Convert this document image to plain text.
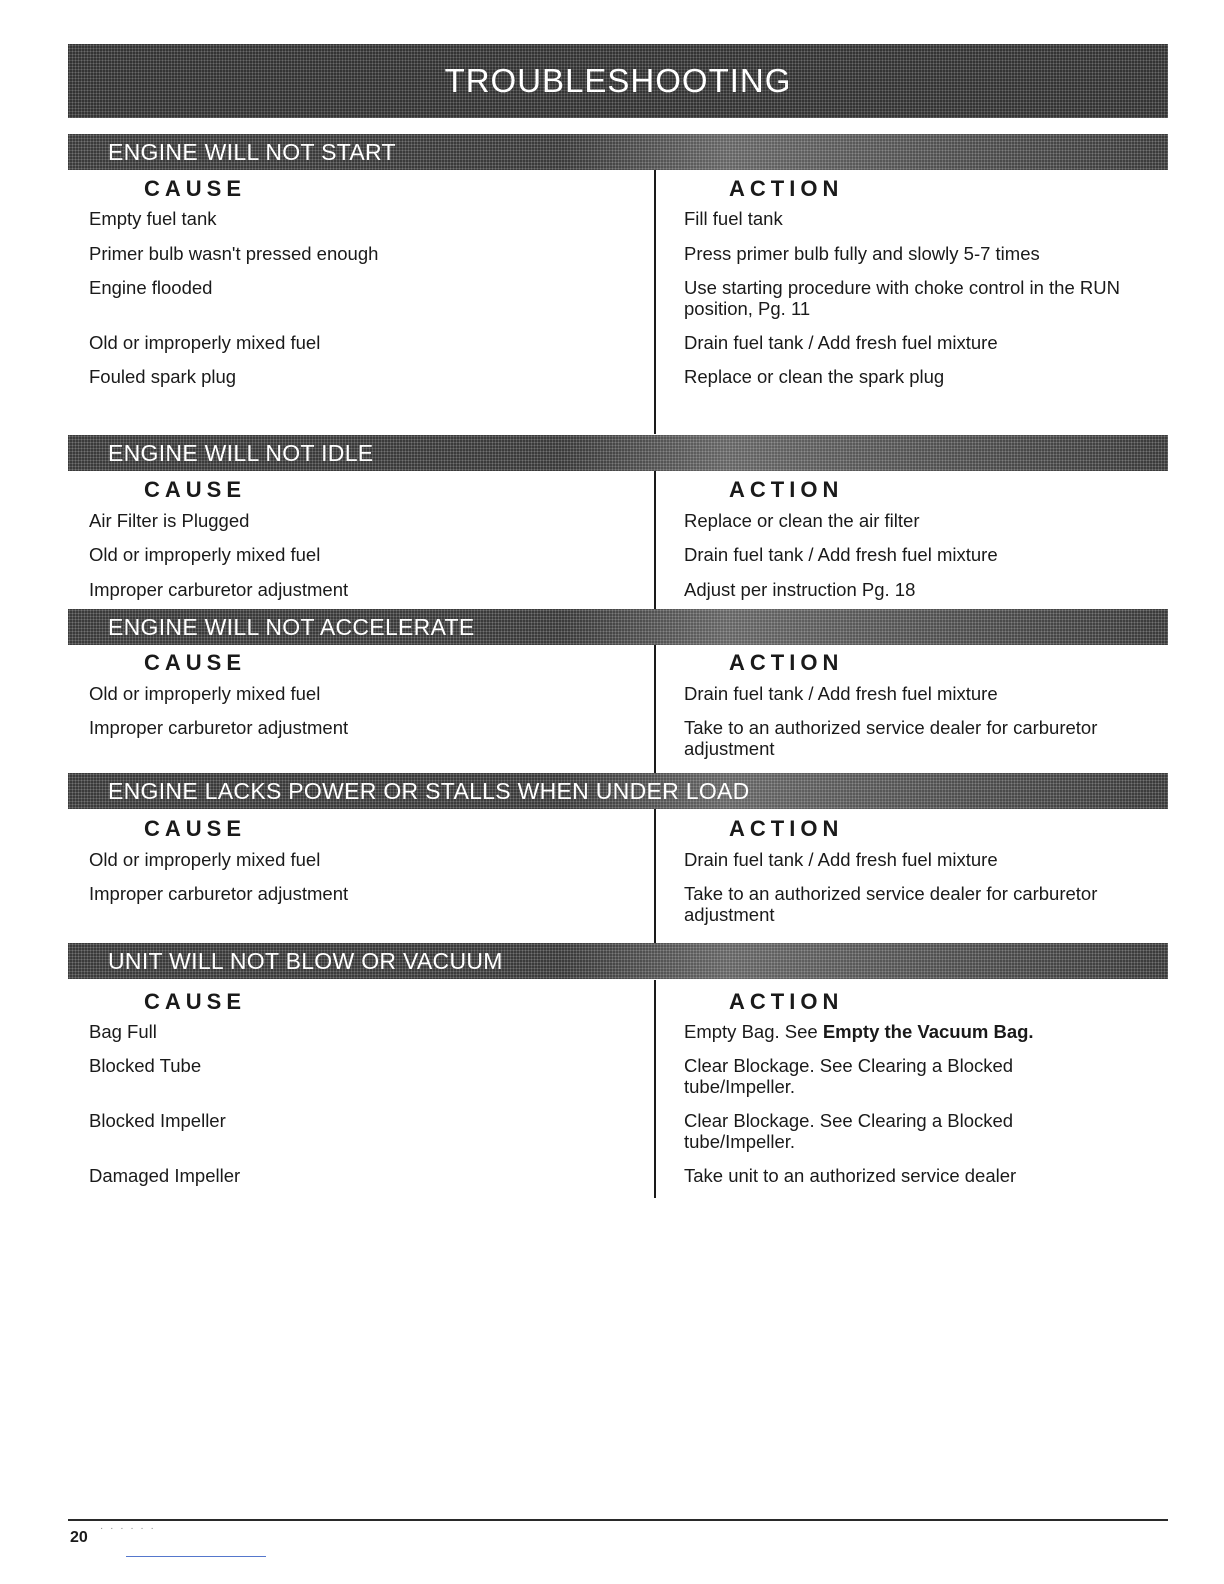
TROUBLESHOOTING
ENGINE WILL NOT START
CAUSE	ACTION
Empty fuel tank	Fill fuel tank
Primer bulb wasn't pressed enough	Press primer bulb fully and slowly 5-7 times
Engine flooded	Use starting procedure with choke control in the RUN position, Pg. 11
Old or improperly mixed fuel	Drain fuel tank / Add fresh fuel mixture
Fouled spark plug	Replace or clean the spark plug
ENGINE WILL NOT IDLE
CAUSE	ACTION
Air Filter is Plugged	Replace or clean the air filter
Old or improperly mixed fuel	Drain fuel tank / Add fresh fuel mixture
Improper carburetor adjustment	Adjust per instruction Pg. 18
ENGINE WILL NOT ACCELERATE
CAUSE	ACTION
Old or improperly mixed fuel	Drain fuel tank / Add fresh fuel mixture
Improper carburetor adjustment	Take to an authorized service dealer for carburetor adjustment
ENGINE LACKS POWER OR STALLS WHEN UNDER LOAD
CAUSE	ACTION
Old or improperly mixed fuel	Drain fuel tank / Add fresh fuel mixture
Improper carburetor adjustment	Take to an authorized service dealer for carburetor adjustment
UNIT WILL NOT BLOW OR VACUUM
CAUSE	ACTION
Bag Full	Empty Bag. See Empty the Vacuum Bag.
Blocked Tube	Clear Blockage. See Clearing a Blocked tube/Impeller.
Blocked Impeller	Clear Blockage. See Clearing a Blocked tube/Impeller.
Damaged Impeller	Take unit to an authorized service dealer
20
· · · · · ·
